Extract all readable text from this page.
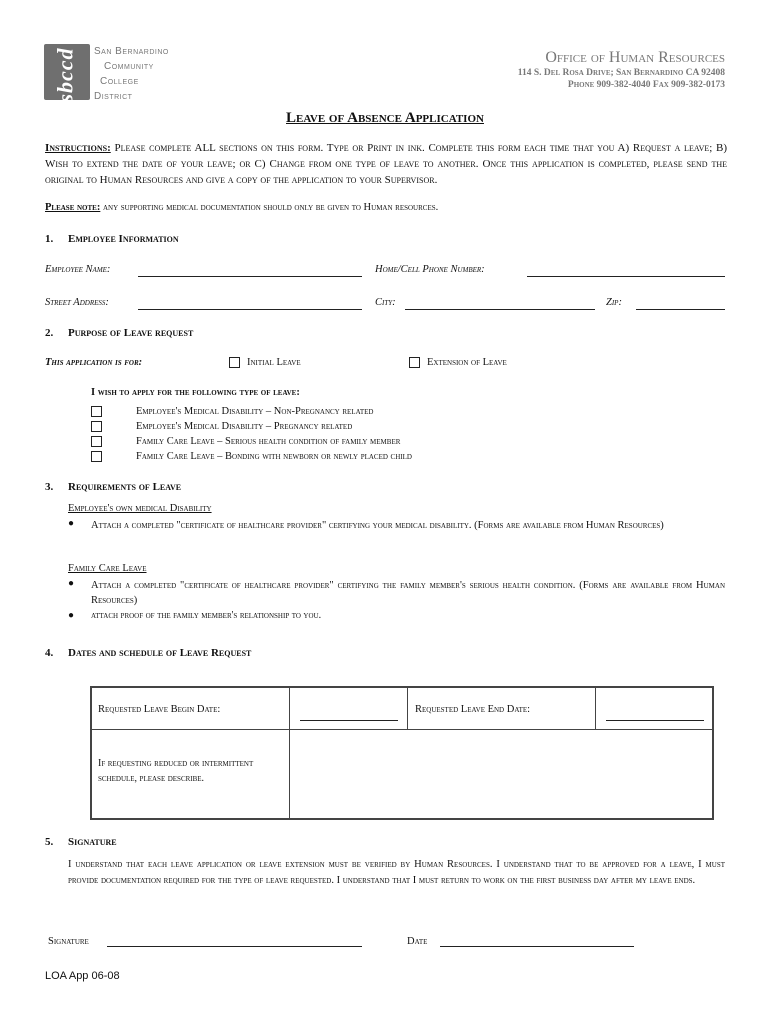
sbccd San Bernardino
Community
College
District
Office of Human Resources
114 S. Del Rosa Drive; San Bernardino CA 92408
Phone 909-382-4040 Fax 909-382-0173
Leave of Absence Application
Instructions: Please complete ALL sections on this form. Type or Print in ink. Complete this form each time that you A) Request a leave; B) Wish to extend the date of your leave; or C) Change from one type of leave to another. Once this application is completed, please send the original to Human Resources and give a copy of the application to your Supervisor.
Please note: any supporting medical documentation should only be given to Human resources.
1. Employee Information
Employee Name:	Home/Cell Phone Number:
Street Address:	City:	Zip:
2. Purpose of Leave request
This application is for:	Initial Leave	Extension of Leave
I wish to apply for the following type of leave:
Employee's Medical Disability – Non-Pregnancy related
Employee's Medical Disability – Pregnancy related
Family Care Leave – Serious health condition of family member
Family Care Leave – Bonding with newborn or newly placed child
3. Requirements of Leave
Employee's own medical Disability
● Attach a completed "certificate of healthcare provider" certifying your medical disability. (Forms are available from Human Resources)
Family Care Leave
● Attach a completed "certificate of healthcare provider" certifying the family member's serious health condition. (Forms are available from Human Resources)
● attach proof of the family member's relationship to you.
4. Dates and schedule of Leave Request
Requested Leave Begin Date:	Requested Leave End Date:
If requesting reduced or intermittent schedule, please describe.
5. Signature
I understand that each leave application or leave extension must be verified by Human Resources. I understand that to be approved for a leave, I must provide documentation required for the type of leave requested. I understand that I must return to work on the first business day after my leave ends.
Signature	Date
LOA App 06-08
